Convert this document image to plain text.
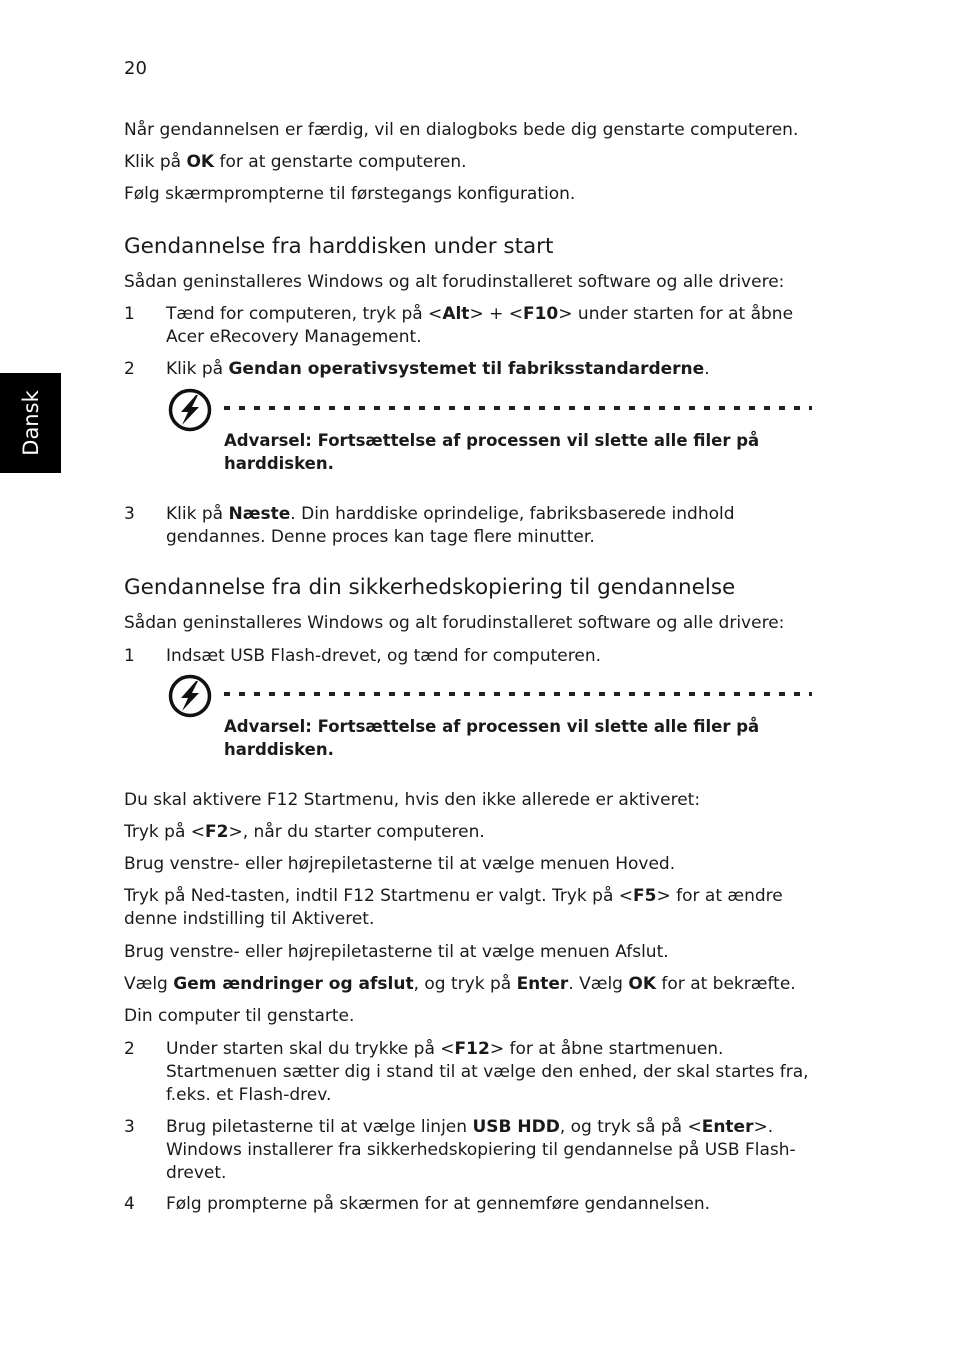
20
Dansk
Når gendannelsen er færdig, vil en dialogboks bede dig genstarte computeren.
Klik på OK for at genstarte computeren.
Følg skærmprompterne til førstegangs konfiguration.
Gendannelse fra harddisken under start
Sådan geninstalleres Windows og alt forudinstalleret software og alle drivere:
1 Tænd for computeren, tryk på <Alt> + <F10> under starten for at åbne
Acer eRecovery Management.
2 Klik på Gendan operativsystemet til fabriksstandarderne.
Advarsel: Fortsættelse af processen vil slette alle filer på
harddisken.
3 Klik på Næste. Din harddiske oprindelige, fabriksbaserede indhold
gendannes. Denne proces kan tage flere minutter.
Gendannelse fra din sikkerhedskopiering til gendannelse
Sådan geninstalleres Windows og alt forudinstalleret software og alle drivere:
1 Indsæt USB Flash-drevet, og tænd for computeren.
Advarsel: Fortsættelse af processen vil slette alle filer på
harddisken.
Du skal aktivere F12 Startmenu, hvis den ikke allerede er aktiveret:
Tryk på <F2>, når du starter computeren.
Brug venstre- eller højrepiletasterne til at vælge menuen Hoved.
Tryk på Ned-tasten, indtil F12 Startmenu er valgt. Tryk på <F5> for at ændre
denne indstilling til Aktiveret.
Brug venstre- eller højrepiletasterne til at vælge menuen Afslut.
Vælg Gem ændringer og afslut, og tryk på Enter. Vælg OK for at bekræfte.
Din computer til genstarte.
2 Under starten skal du trykke på <F12> for at åbne startmenuen.
Startmenuen sætter dig i stand til at vælge den enhed, der skal startes fra,
f.eks. et Flash-drev.
3 Brug piletasterne til at vælge linjen USB HDD, og tryk så på <Enter>.
Windows installerer fra sikkerhedskopiering til gendannelse på USB Flash-
drevet.
4 Følg prompterne på skærmen for at gennemføre gendannelsen.
